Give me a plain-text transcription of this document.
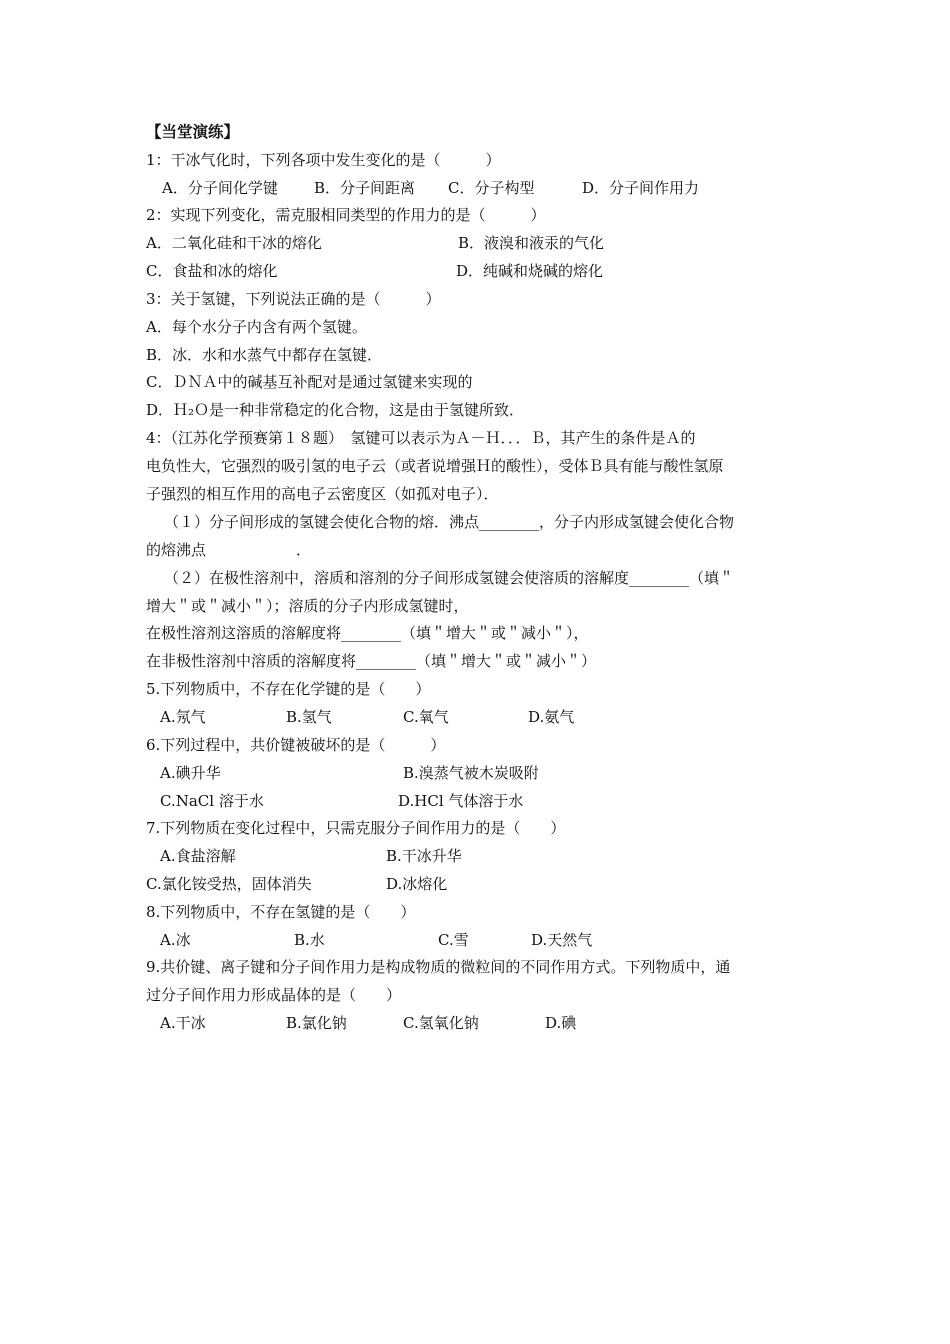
【当堂演练】
1：干冰气化时，下列各项中发生变化的是（　　　）
A．分子间化学键 B．分子间距离 C．分子构型	D．分子间作用力
2：实现下列变化，需克服相同类型的作用力的是（　　　）
A．二氧化硅和干冰的熔化	B．液溴和液汞的气化
C．食盐和冰的熔化	D．纯碱和烧碱的熔化
3：关于氢键，下列说法正确的是（　　　）
A．每个水分子内含有两个氢键。
B．冰．水和水蒸气中都存在氢键．
C．ＤＮＡ中的碱基互补配对是通过氢键来实现的
D．Ｈ₂Ｏ是一种非常稳定的化合物，这是由于氢键所致．
4：（江苏化学预赛第１８题）　氢键可以表示为Ａ－Ｈ．．．Ｂ，其产生的条件是Ａ的
电负性大，它强烈的吸引氢的电子云（或者说增强Ｈ的酸性），受体Ｂ具有能与酸性氢原
子强烈的相互作用的高电子云密度区（如孤对电子）．
（１）分子间形成的氢键会使化合物的熔．沸点________，分子内形成氢键会使化合物
的熔沸点　　　　　　．
（２）在极性溶剂中，溶质和溶剂的分子间形成氢键会使溶质的溶解度________（填＂
增大＂或＂减小＂）；溶质的分子内形成氢键时，
在极性溶剂这溶质的溶解度将________（填＂增大＂或＂减小＂），
在非极性溶剂中溶质的溶解度将________（填＂增大＂或＂减小＂）
5.下列物质中，不存在化学键的是（　　）
A.氖气	B.氢气	C.氧气	D.氨气
6.下列过程中，共价键被破坏的是（　　　）
A.碘升华	B.溴蒸气被木炭吸附
C.NaCl 溶于水	D.HCl 气体溶于水
7.下列物质在变化过程中，只需克服分子间作用力的是（　　）
A.食盐溶解	B.干冰升华
C.氯化铵受热，固体消失	D.冰熔化
8.下列物质中，不存在氢键的是（　　）
A.冰	B.水	C.雪	D.天然气
9.共价键、离子键和分子间作用力是构成物质的微粒间的不同作用方式。下列物质中，通
过分子间作用力形成晶体的是（　　）
A.干冰	B.氯化钠	C.氢氧化钠	D.碘
